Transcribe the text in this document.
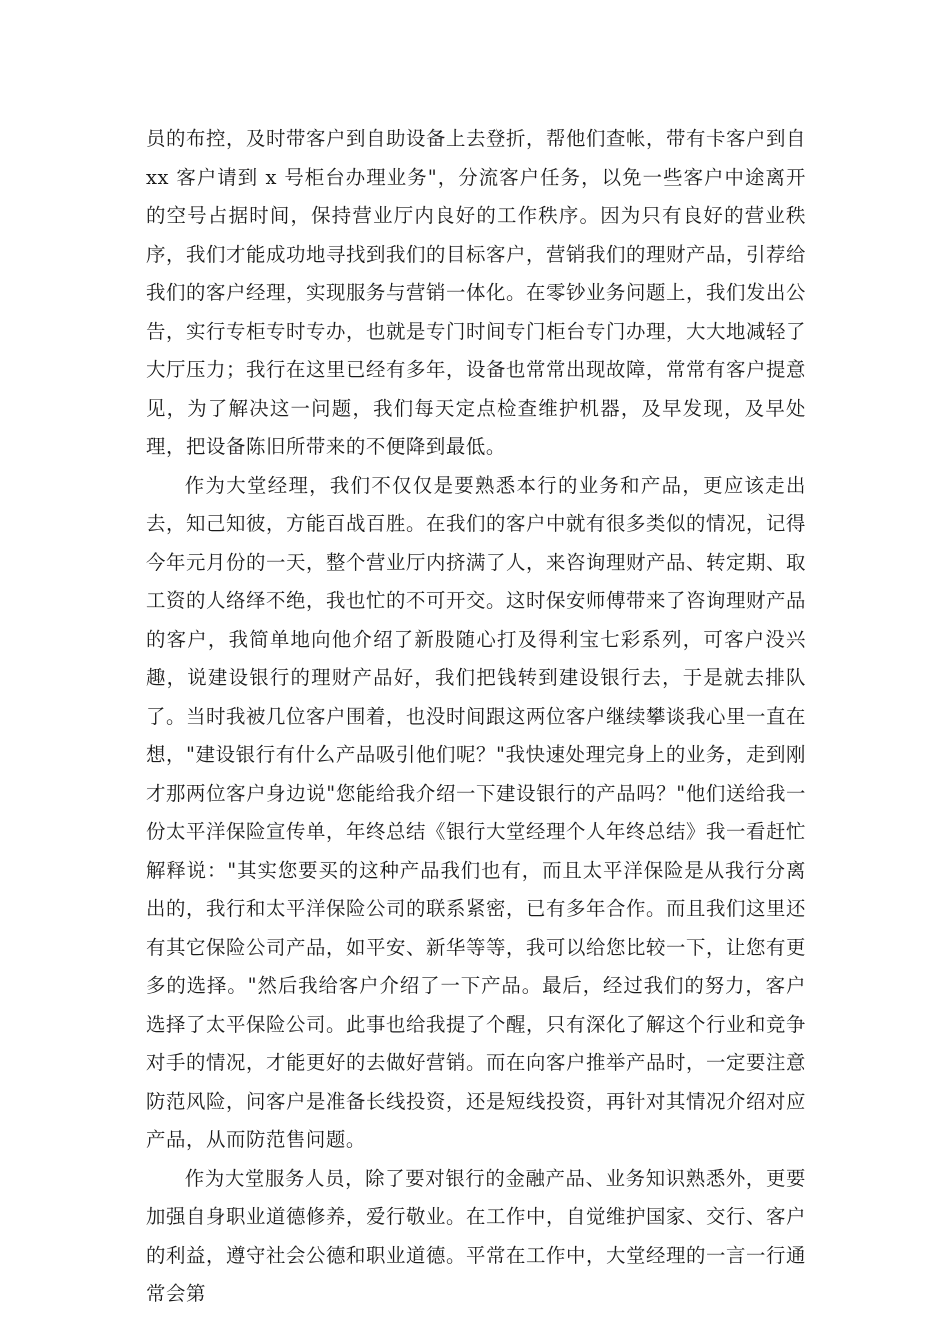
员的布控，及时带客户到自助设备上去登折，帮他们查帐，带有卡客户到自 xx 客户请到 x 号柜台办理业务"，分流客户任务，以免一些客户中途离开的空号占据时间，保持营业厅内良好的工作秩序。因为只有良好的营业秩序，我们才能成功地寻找到我们的目标客户，营销我们的理财产品，引荐给我们的客户经理，实现服务与营销一体化。在零钞业务问题上，我们发出公告，实行专柜专时专办，也就是专门时间专门柜台专门办理，大大地减轻了大厅压力；我行在这里已经有多年，设备也常常出现故障，常常有客户提意见，为了解决这一问题，我们每天定点检查维护机器，及早发现，及早处理，把设备陈旧所带来的不便降到最低。

作为大堂经理，我们不仅仅是要熟悉本行的业务和产品，更应该走出去，知己知彼，方能百战百胜。在我们的客户中就有很多类似的情况，记得今年元月份的一天，整个营业厅内挤满了人，来咨询理财产品、转定期、取工资的人络绎不绝，我也忙的不可开交。这时保安师傅带来了咨询理财产品的客户，我简单地向他介绍了新股随心打及得利宝七彩系列，可客户没兴趣，说建设银行的理财产品好，我们把钱转到建设银行去，于是就去排队了。当时我被几位客户围着，也没时间跟这两位客户继续攀谈我心里一直在想，"建设银行有什么产品吸引他们呢？"我快速处理完身上的业务，走到刚才那两位客户身边说"您能给我介绍一下建设银行的产品吗？"他们送给我一份太平洋保险宣传单，年终总结《银行大堂经理个人年终总结》我一看赶忙解释说："其实您要买的这种产品我们也有，而且太平洋保险是从我行分离出的，我行和太平洋保险公司的联系紧密，已有多年合作。而且我们这里还有其它保险公司产品，如平安、新华等等，我可以给您比较一下，让您有更多的选择。"然后我给客户介绍了一下产品。最后，经过我们的努力，客户选择了太平保险公司。此事也给我提了个醒，只有深化了解这个行业和竞争对手的情况，才能更好的去做好营销。而在向客户推举产品时，一定要注意防范风险，问客户是准备长线投资，还是短线投资，再针对其情况介绍对应产品，从而防范售问题。

作为大堂服务人员，除了要对银行的金融产品、业务知识熟悉外，更要加强自身职业道德修养，爱行敬业。在工作中，自觉维护国家、交行、客户的利益，遵守社会公德和职业道德。平常在工作中，大堂经理的一言一行通常会第
